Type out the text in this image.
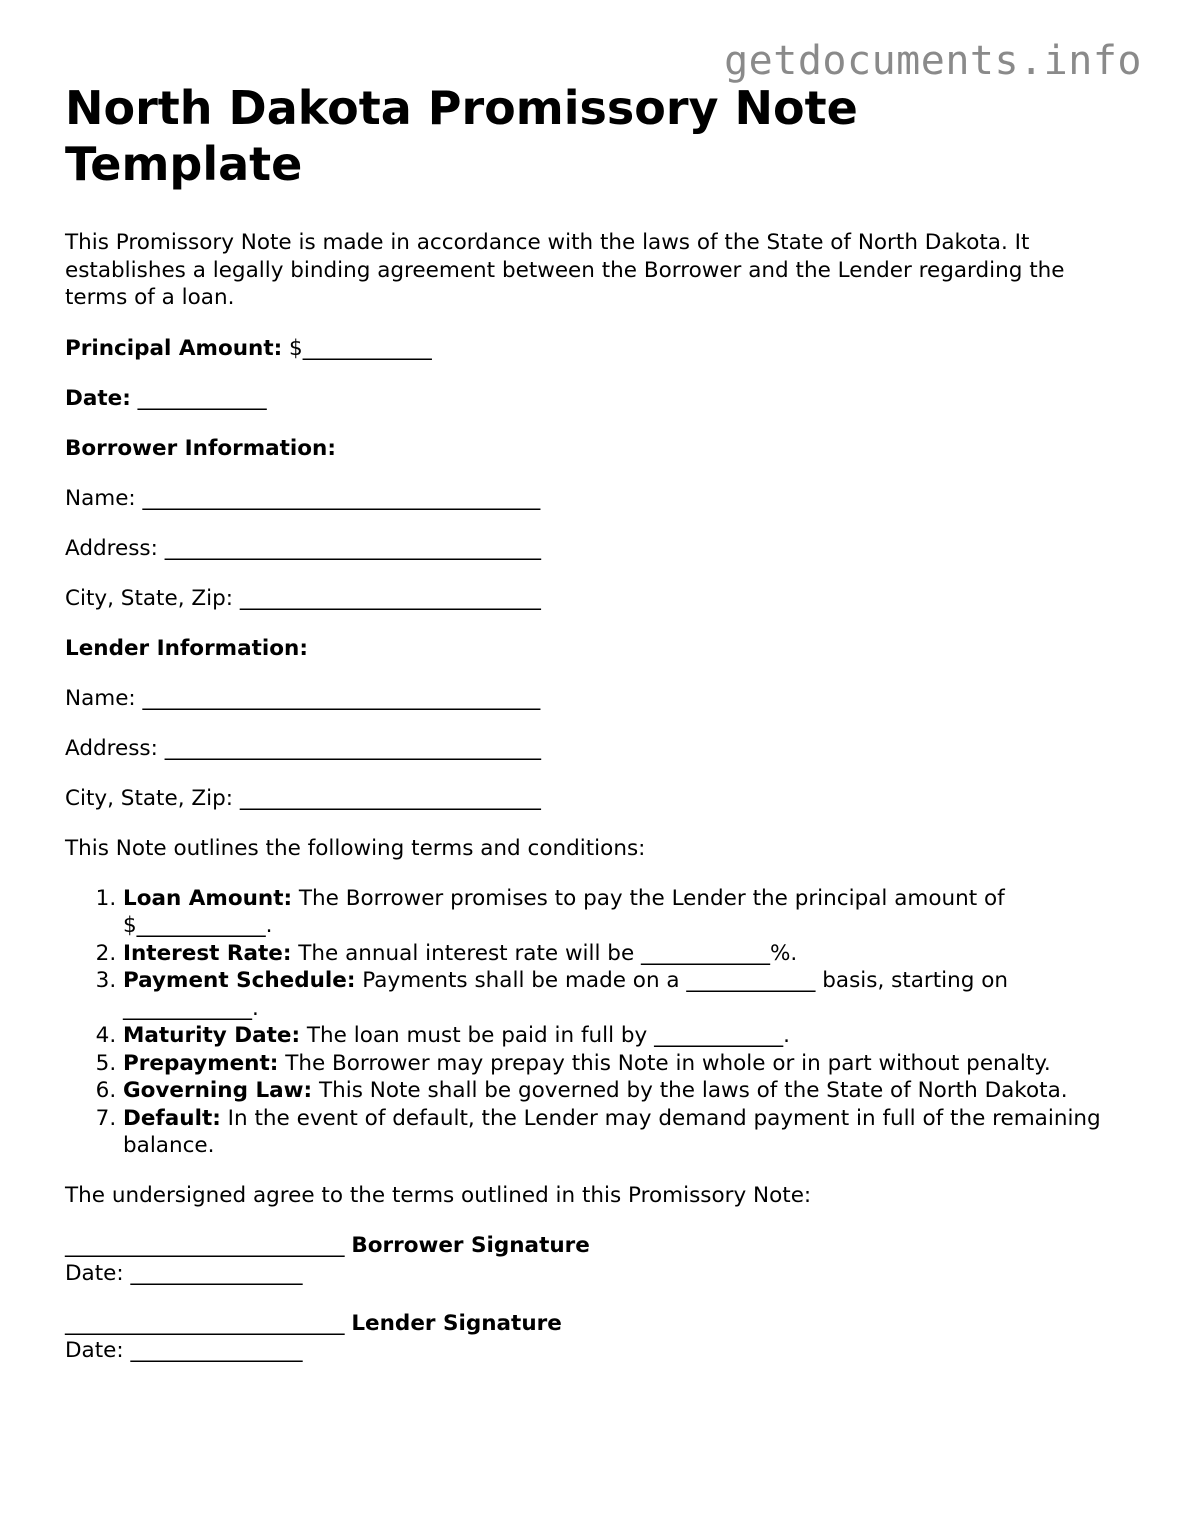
getdocuments.info
North Dakota Promissory Note Template

This Promissory Note is made in accordance with the laws of the State of North Dakota. It establishes a legally binding agreement between the Borrower and the Lender regarding the terms of a loan.

Principal Amount: $____________

Date: ____________

Borrower Information:

Name: _____________________________________

Address: ___________________________________

City, State, Zip: ____________________________

Lender Information:

Name: _____________________________________

Address: ___________________________________

City, State, Zip: ____________________________

This Note outlines the following terms and conditions:

1. Loan Amount: The Borrower promises to pay the Lender the principal amount of $____________.
2. Interest Rate: The annual interest rate will be ____________%.
3. Payment Schedule: Payments shall be made on a ____________ basis, starting on ____________.
4. Maturity Date: The loan must be paid in full by ____________.
5. Prepayment: The Borrower may prepay this Note in whole or in part without penalty.
6. Governing Law: This Note shall be governed by the laws of the State of North Dakota.
7. Default: In the event of default, the Lender may demand payment in full of the remaining balance.

The undersigned agree to the terms outlined in this Promissory Note:

__________________________ Borrower Signature
Date: ________________

__________________________ Lender Signature
Date: ________________
